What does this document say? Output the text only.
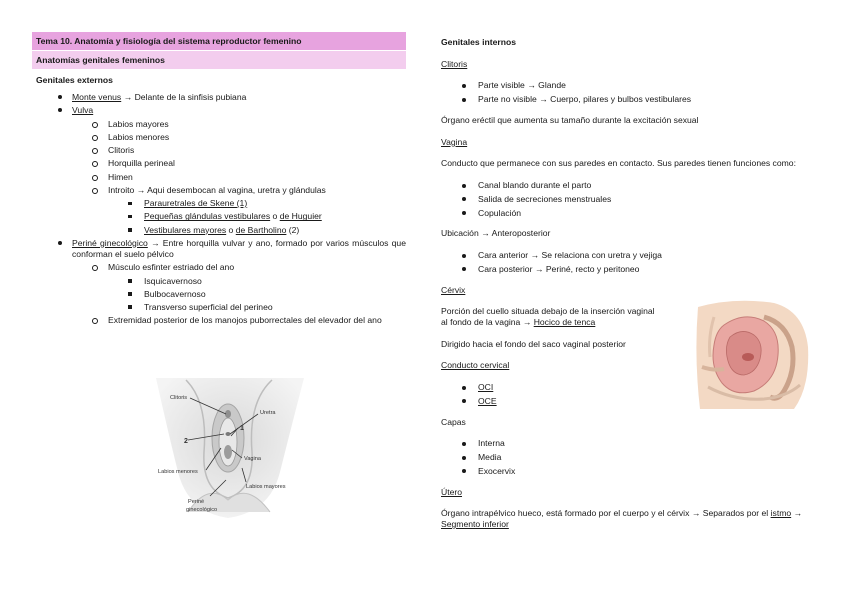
Tema 10. Anatomía y fisiología del sistema reproductor femenino
Anatomías genitales femeninos
Genitales externos
Monte venus → Delante de la sinfisis pubiana
Vulva
Labios mayores
Labios menores
Clitoris
Horquilla perineal
Himen
Introito → Aqui desembocan al vagina, uretra y glándulas
Parauretrales de Skene (1)
Pequeñas glándulas vestibulares o de Huguier
Vestibulares mayores o de Bartholino (2)
Periné ginecológico → Entre horquilla vulvar y ano, formado por varios músculos que conforman el suelo pélvico
Músculo esfinter estriado del ano
Isquicavernoso
Bulbocavernoso
Transverso superficial del perineo
Extremidad posterior de los manojos puborrectales del elevador del ano
Clitoris
Uretra
1
2
Labios menores
Vagina
Labios mayores
Periné
ginecológico
Genitales internos
Clitoris
Parte visible → Glande
Parte no visible → Cuerpo, pilares y bulbos vestibulares
Órgano eréctil que aumenta su tamaño durante la excitación sexual
Vagina
Conducto que permanece con sus paredes en contacto. Sus paredes tienen funciones como:
Canal blando durante el parto
Salida de secreciones menstruales
Copulación
Ubicación → Anteroposterior
Cara anterior → Se relaciona con uretra y vejiga
Cara posterior → Periné, recto y peritoneo
Cérvix
Porción del cuello situada debajo de la inserción vaginal al fondo de la vagina → Hocico de tenca
Dirigido hacia el fondo del saco vaginal posterior
Conducto cervical
OCI
OCE
Capas
Interna
Media
Exocervix
Útero
Órgano intrapélvico hueco, está formado por el cuerpo y el cérvix → Separados por el istmo → Segmento inferior
